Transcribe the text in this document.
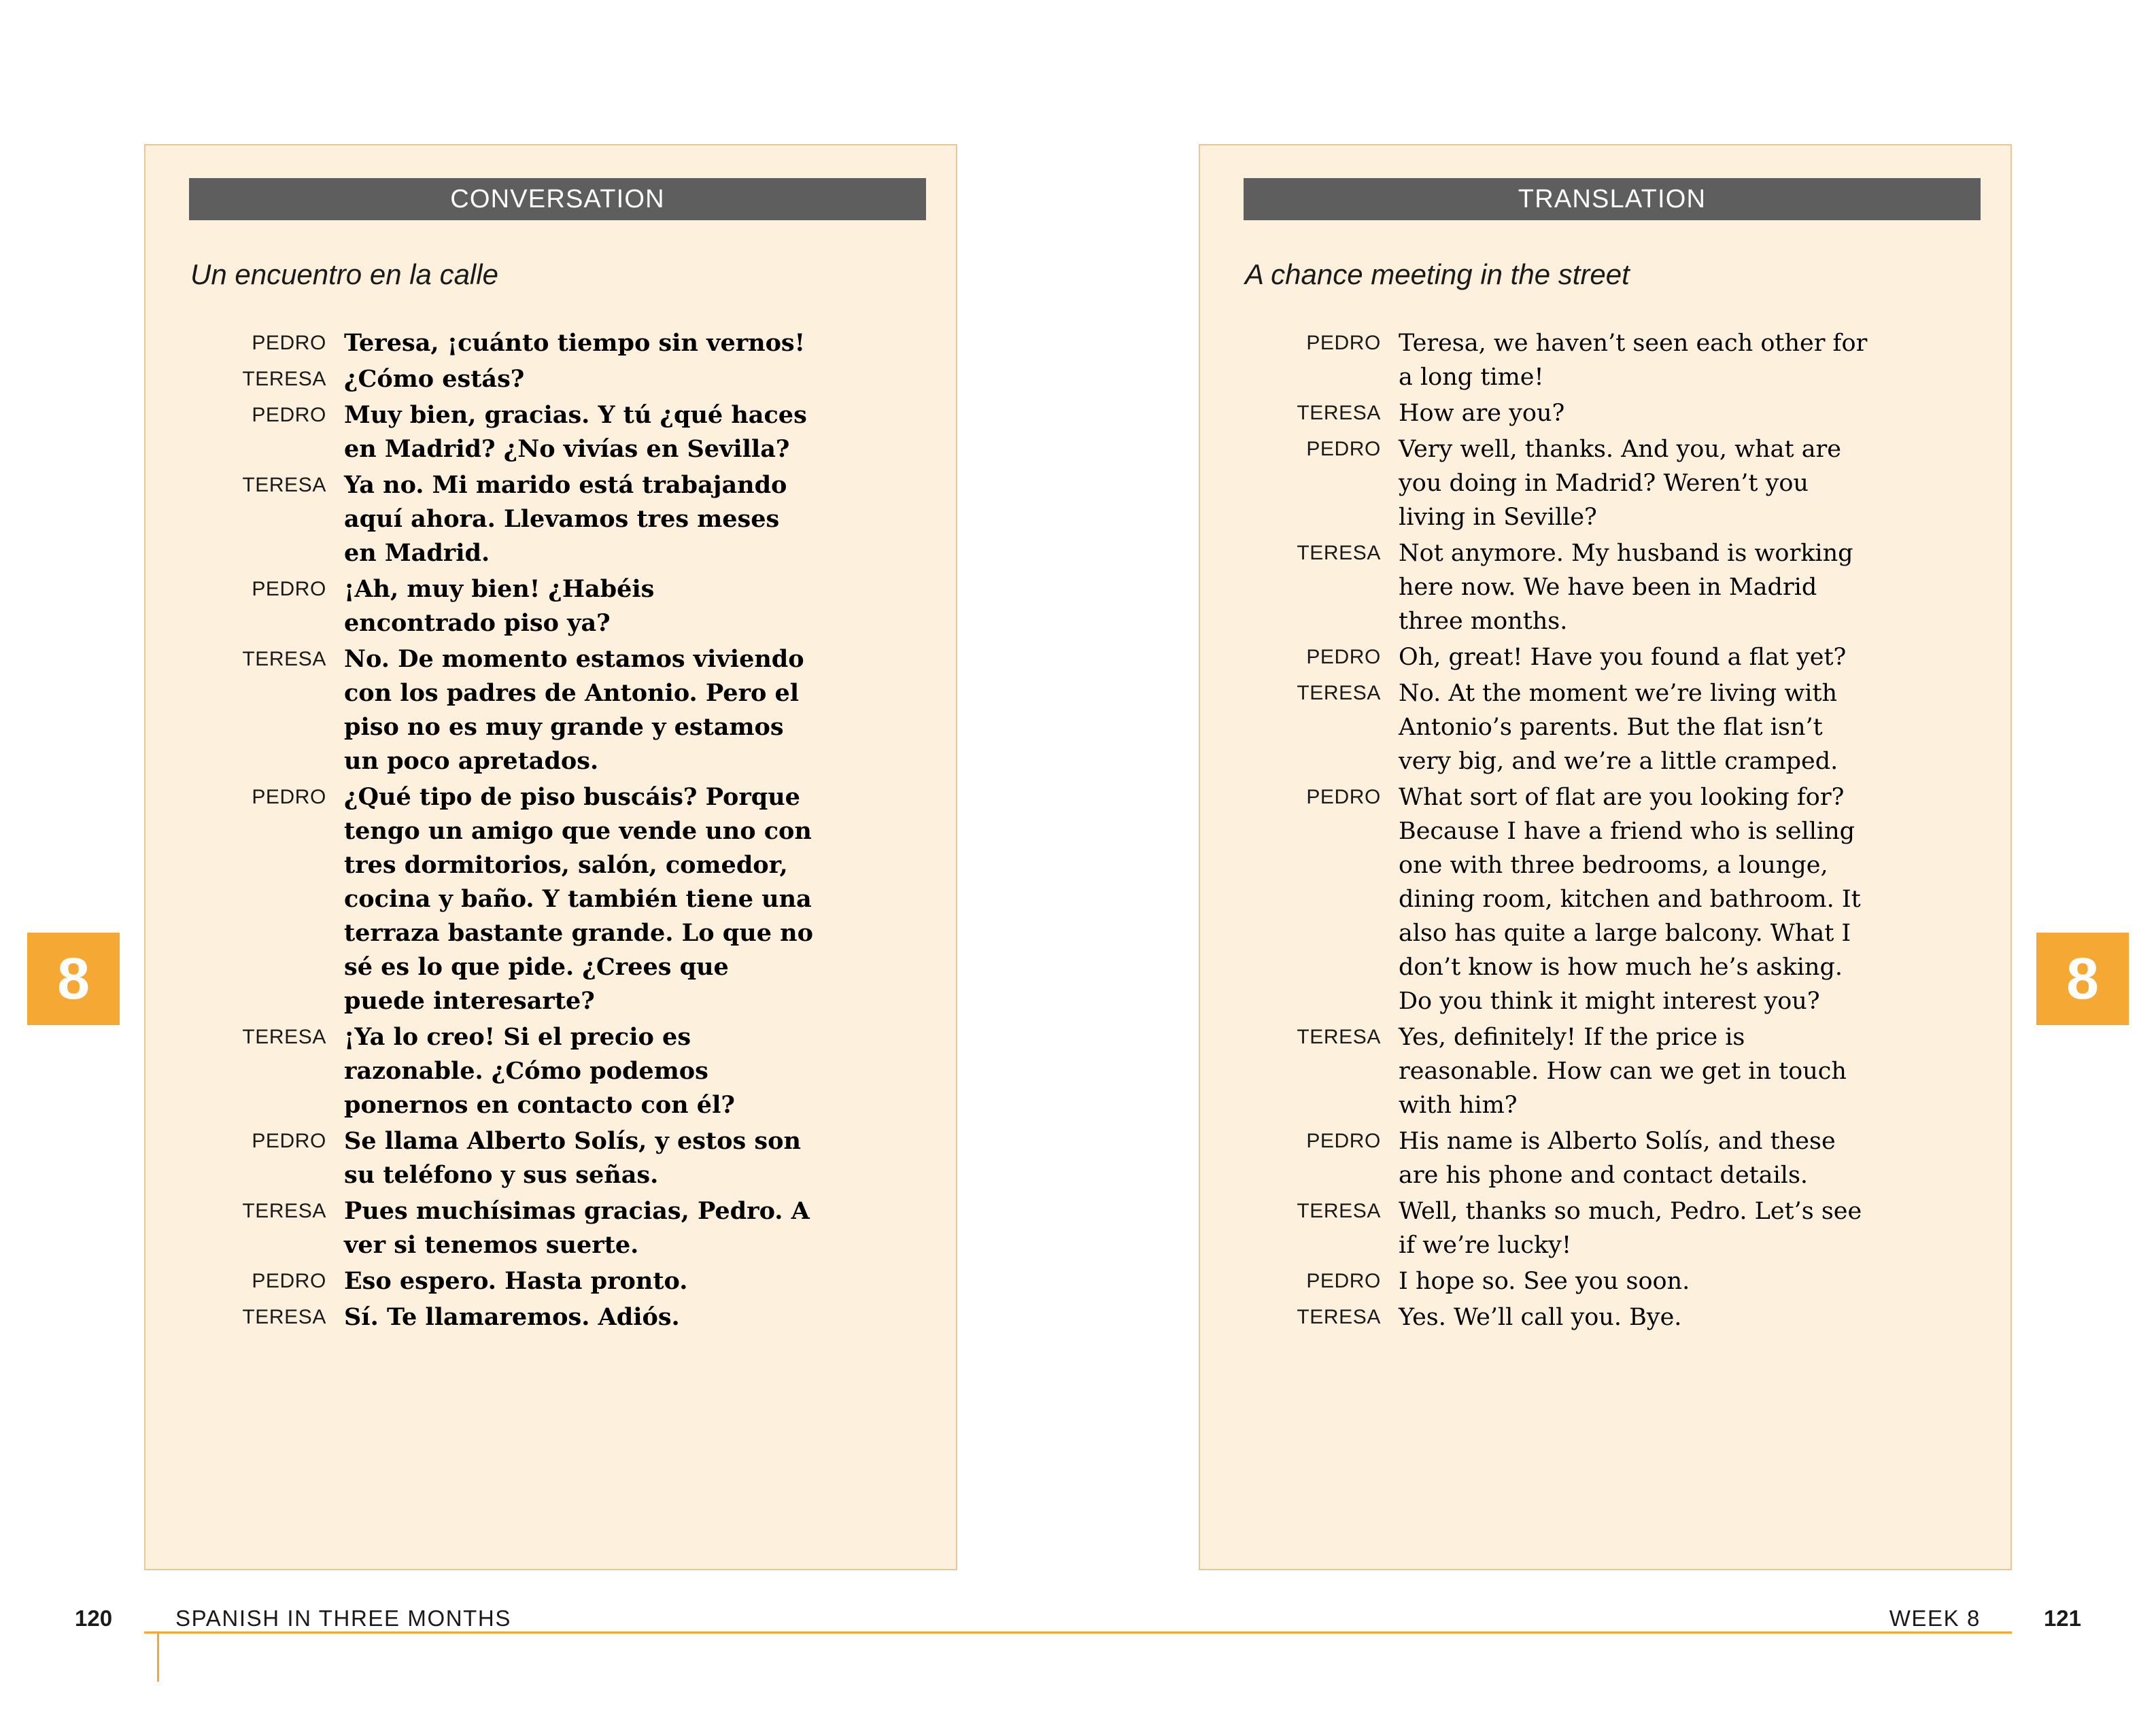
8	8
CONVERSATION
Un encuentro en la calle
PEDRO Teresa, ¡cuánto tiempo sin vernos!
TERESA ¿Cómo estás?
PEDRO Muy bien, gracias. Y tú ¿qué haces en Madrid? ¿No vivías en Sevilla?
TERESA Ya no. Mi marido está trabajando aquí ahora. Llevamos tres meses en Madrid.
PEDRO ¡Ah, muy bien! ¿Habéis encontrado piso ya?
TERESA No. De momento estamos viviendo con los padres de Antonio. Pero el piso no es muy grande y estamos un poco apretados.
PEDRO ¿Qué tipo de piso buscáis? Porque tengo un amigo que vende uno con tres dormitorios, salón, comedor, cocina y baño. Y también tiene una terraza bastante grande. Lo que no sé es lo que pide. ¿Crees que puede interesarte?
TERESA ¡Ya lo creo! Si el precio es razonable. ¿Cómo podemos ponernos en contacto con él?
PEDRO Se llama Alberto Solís, y estos son su teléfono y sus señas.
TERESA Pues muchísimas gracias, Pedro. A ver si tenemos suerte.
PEDRO Eso espero. Hasta pronto.
TERESA Sí. Te llamaremos. Adiós.
TRANSLATION
A chance meeting in the street
PEDRO Teresa, we haven’t seen each other for a long time!
TERESA How are you?
PEDRO Very well, thanks. And you, what are you doing in Madrid? Weren’t you living in Seville?
TERESA Not anymore. My husband is working here now. We have been in Madrid three months.
PEDRO Oh, great! Have you found a flat yet?
TERESA No. At the moment we’re living with Antonio’s parents. But the flat isn’t very big, and we’re a little cramped.
PEDRO What sort of flat are you looking for? Because I have a friend who is selling one with three bedrooms, a lounge, dining room, kitchen and bathroom. It also has quite a large balcony. What I don’t know is how much he’s asking. Do you think it might interest you?
TERESA Yes, definitely! If the price is reasonable. How can we get in touch with him?
PEDRO His name is Alberto Solís, and these are his phone and contact details.
TERESA Well, thanks so much, Pedro. Let’s see if we’re lucky!
PEDRO I hope so. See you soon.
TERESA Yes. We’ll call you. Bye.
120	SPANISH IN THREE MONTHS	WEEK 8	121
